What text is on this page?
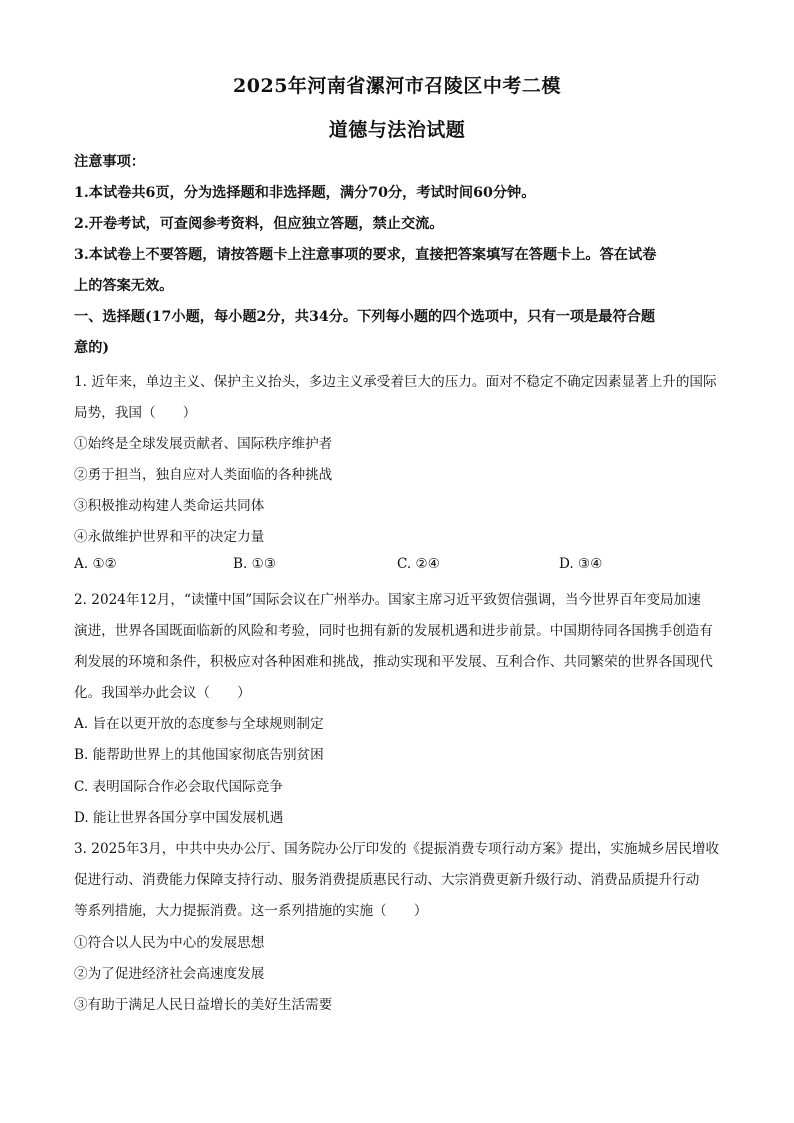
2025年河南省漯河市召陵区中考二模
道德与法治试题
注意事项：
1.本试卷共6页，分为选择题和非选择题，满分70分，考试时间60分钟。
2.开卷考试，可查阅参考资料，但应独立答题，禁止交流。
3.本试卷上不要答题，请按答题卡上注意事项的要求，直接把答案填写在答题卡上。答在试卷
上的答案无效。
一、选择题(17小题，每小题2分，共34分。下列每小题的四个选项中，只有一项是最符合题
意的)
1. 近年来，单边主义、保护主义抬头，多边主义承受着巨大的压力。面对不稳定不确定因素显著上升的国际
局势，我国（　　）
①始终是全球发展贡献者、国际秩序维护者
②勇于担当，独自应对人类面临的各种挑战
③积极推动构建人类命运共同体
④永做维护世界和平的决定力量
A. ①②	B. ①③	C. ②④	D. ③④
2. 2024年12月，“读懂中国”国际会议在广州举办。国家主席习近平致贺信强调，当今世界百年变局加速
演进，世界各国既面临新的风险和考验，同时也拥有新的发展机遇和进步前景。中国期待同各国携手创造有
利发展的环境和条件，积极应对各种困难和挑战，推动实现和平发展、互利合作、共同繁荣的世界各国现代
化。我国举办此会议（　　）
A. 旨在以更开放的态度参与全球规则制定
B. 能帮助世界上的其他国家彻底告别贫困
C. 表明国际合作必会取代国际竞争
D. 能让世界各国分享中国发展机遇
3. 2025年3月，中共中央办公厅、国务院办公厅印发的《提振消费专项行动方案》提出，实施城乡居民增收
促进行动、消费能力保障支持行动、服务消费提质惠民行动、大宗消费更新升级行动、消费品质提升行动
等系列措施，大力提振消费。这一系列措施的实施（　　）
①符合以人民为中心的发展思想
②为了促进经济社会高速度发展
③有助于满足人民日益增长的美好生活需要
